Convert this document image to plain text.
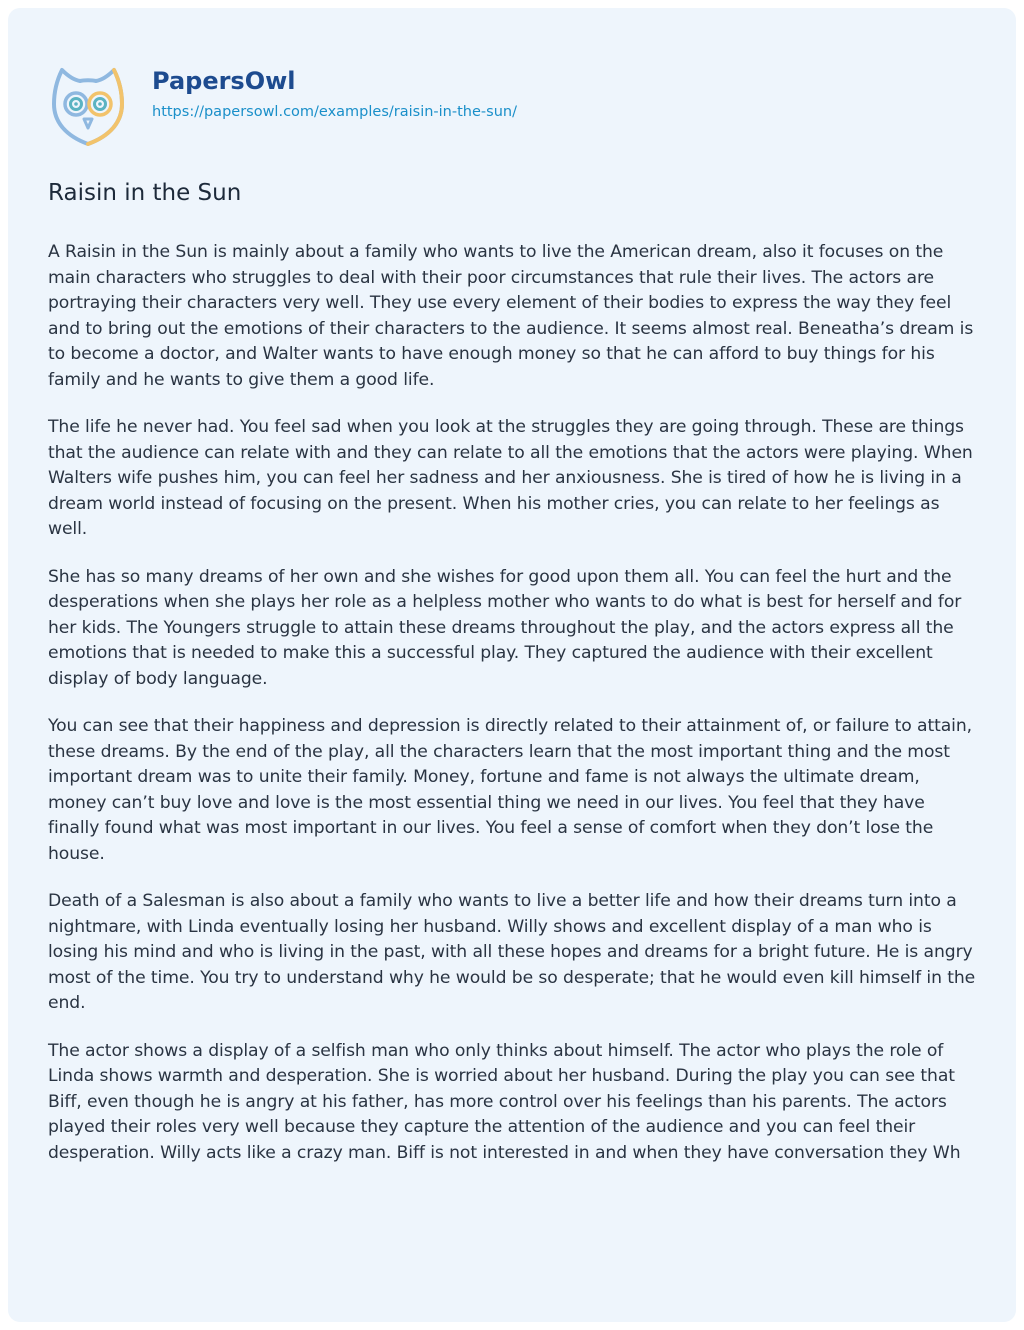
PapersOwl
https://papersowl.com/examples/raisin-in-the-sun/
Raisin in the Sun

A Raisin in the Sun is mainly about a family who wants to live the American dream, also it focuses on the main characters who struggles to deal with their poor circumstances that rule their lives. The actors are portraying their characters very well. They use every element of their bodies to express the way they feel and to bring out the emotions of their characters to the audience. It seems almost real. Beneatha’s dream is to become a doctor, and Walter wants to have enough money so that he can afford to buy things for his family and he wants to give them a good life.

The life he never had. You feel sad when you look at the struggles they are going through. These are things that the audience can relate with and they can relate to all the emotions that the actors were playing. When Walters wife pushes him, you can feel her sadness and her anxiousness. She is tired of how he is living in a dream world instead of focusing on the present. When his mother cries, you can relate to her feelings as well.

She has so many dreams of her own and she wishes for good upon them all. You can feel the hurt and the desperations when she plays her role as a helpless mother who wants to do what is best for herself and for her kids. The Youngers struggle to attain these dreams throughout the play, and the actors express all the emotions that is needed to make this a successful play. They captured the audience with their excellent display of body language.

You can see that their happiness and depression is directly related to their attainment of, or failure to attain, these dreams. By the end of the play, all the characters learn that the most important thing and the most important dream was to unite their family. Money, fortune and fame is not always the ultimate dream, money can’t buy love and love is the most essential thing we need in our lives. You feel that they have finally found what was most important in our lives. You feel a sense of comfort when they don’t lose the house.

Death of a Salesman is also about a family who wants to live a better life and how their dreams turn into a nightmare, with Linda eventually losing her husband. Willy shows and excellent display of a man who is losing his mind and who is living in the past, with all these hopes and dreams for a bright future. He is angry most of the time. You try to understand why he would be so desperate; that he would even kill himself in the end.

The actor shows a display of a selfish man who only thinks about himself. The actor who plays the role of Linda shows warmth and desperation. She is worried about her husband. During the play you can see that Biff, even though he is angry at his father, has more control over his feelings than his parents. The actors played their roles very well because they capture the attention of the audience and you can feel their desperation. Willy acts like a crazy man. Biff is not interested in and when they have conversation they Wh
